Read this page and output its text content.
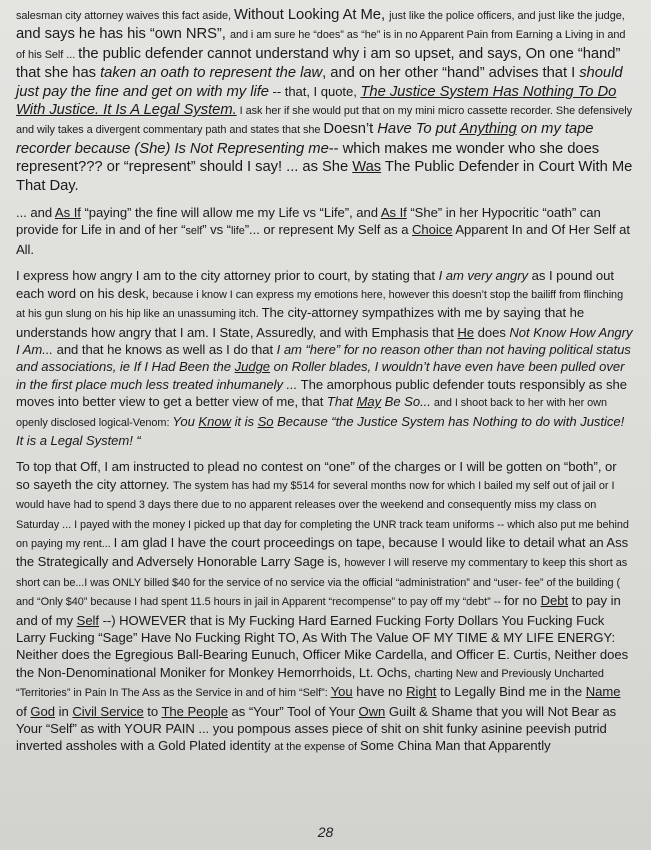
salesman city attorney waives this fact aside, Without Looking At Me, just like the police officers, and just like the judge, and says he has his “own NRS”, and i am sure he “does” as “he” is in no Apparent Pain from Earning a Living in and of his Self ... the public defender cannot understand why i am so upset, and says, On one “hand” that she has taken an oath to represent the law, and on her other “hand” advises that I should just pay the fine and get on with my life -- that, I quote, The Justice System Has Nothing To Do With Justice. It Is A Legal System. I ask her if she would put that on my mini micro cassette recorder. She defensively and wily takes a divergent commentary path and states that she Doesn’t Have To put Anything on my tape recorder because (She) Is Not Representing me-- which makes me wonder who she does represent??? or “represent” should I say! ... as She Was The Public Defender in Court With Me That Day.

... and As If “paying” the fine will allow me my Life vs “Life”, and As If “She” in her Hypocritic “oath” can provide for Life in and of her “self” vs “life”... or represent My Self as a Choice Apparent In and Of Her Self at All.

I express how angry I am to the city attorney prior to court, by stating that I am very angry as I pound out each word on his desk, because i know I can express my emotions here, however this doesn’t stop the bailiff from flinching at his gun slung on his hip like an unassuming itch. The city-attorney sympathizes with me by saying that he understands how angry that I am. I State, Assuredly, and with Emphasis that He does Not Know How Angry I Am... and that he knows as well as I do that I am “here” for no reason other than not having political status and associations, ie If I Had Been the Judge on Roller blades, I wouldn’t have even have been pulled over in the first place much less treated inhumanely ... The amorphous public defender touts responsibly as she moves into better view to get a better view of me, that That May Be So... and I shoot back to her with her own openly disclosed logical-Venom: You Know it is So Because “the Justice System has Nothing to do with Justice! It is a Legal System! “

To top that Off, I am instructed to plead no contest on “one” of the charges or I will be gotten on “both”, or so sayeth the city attorney. The system has had my $514 for several months now for which I bailed my self out of jail or I would have had to spend 3 days there due to no apparent releases over the weekend and consequently miss my class on Saturday ... I payed with the money I picked up that day for completing the UNR track team uniforms -- which also put me behind on paying my rent... I am glad I have the court proceedings on tape, because I would like to detail what an Ass the Strategically and Adversely Honorable Larry Sage is, however I will reserve my commentary to keep this short as short can be...I was ONLY billed $40 for the service of no service via the official “administration” and “user- fee” of the building ( and “Only $40” because I had spent 11.5 hours in jail in Apparent “recompense” to pay off my “debt” -- for no Debt to pay in and of my Self --) HOWEVER that is My Fucking Hard Earned Fucking Forty Dollars You Fucking Fuck Larry Fucking “Sage” Have No Fucking Right TO, As With The Value OF MY TIME & MY LIFE ENERGY: Neither does the Egregious Ball-Bearing Eunuch, Officer Mike Cardella, and Officer E. Curtis, Neither does the Non-Denominational Moniker for Monkey Hemorrhoids, Lt. Ochs, charting New and Previously Uncharted “Territories” in Pain In The Ass as the Service in and of him “Self”: You have no Right to Legally Bind me in the Name of God in Civil Service to The People as “Your” Tool of Your Own Guilt & Shame that you will Not Bear as Your “Self” as with YOUR PAIN ... you pompous asses piece of shit on shit funky asinine peevish putrid inverted assholes with a Gold Plated identity at the expense of Some China Man that Apparently

28
